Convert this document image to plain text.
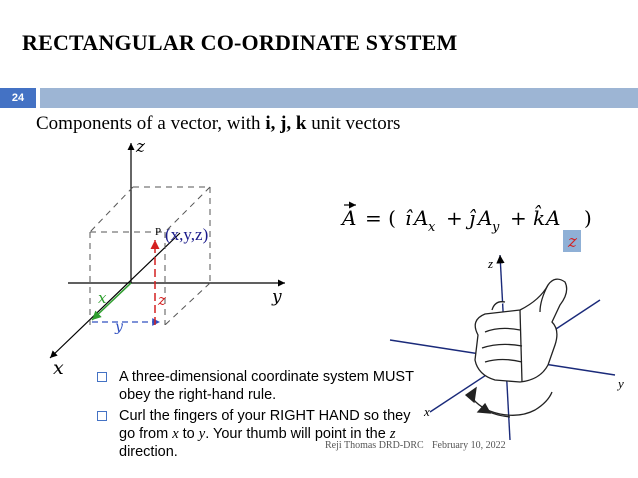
RECTANGULAR CO-ORDINATE SYSTEM
24
Components of a vector, with i, j, k unit vectors
z
y
x
P (x,y,z)
x
y
z
A = ( î A x + ĵ A y + k̂ A )
z
z
y
x
A three-dimensional coordinate system MUST obey the right-hand rule.
Curl the fingers of your RIGHT HAND so they go from x to y. Your thumb will point in the z direction.	Reji Thomas DRD-DRC February 10, 2022
